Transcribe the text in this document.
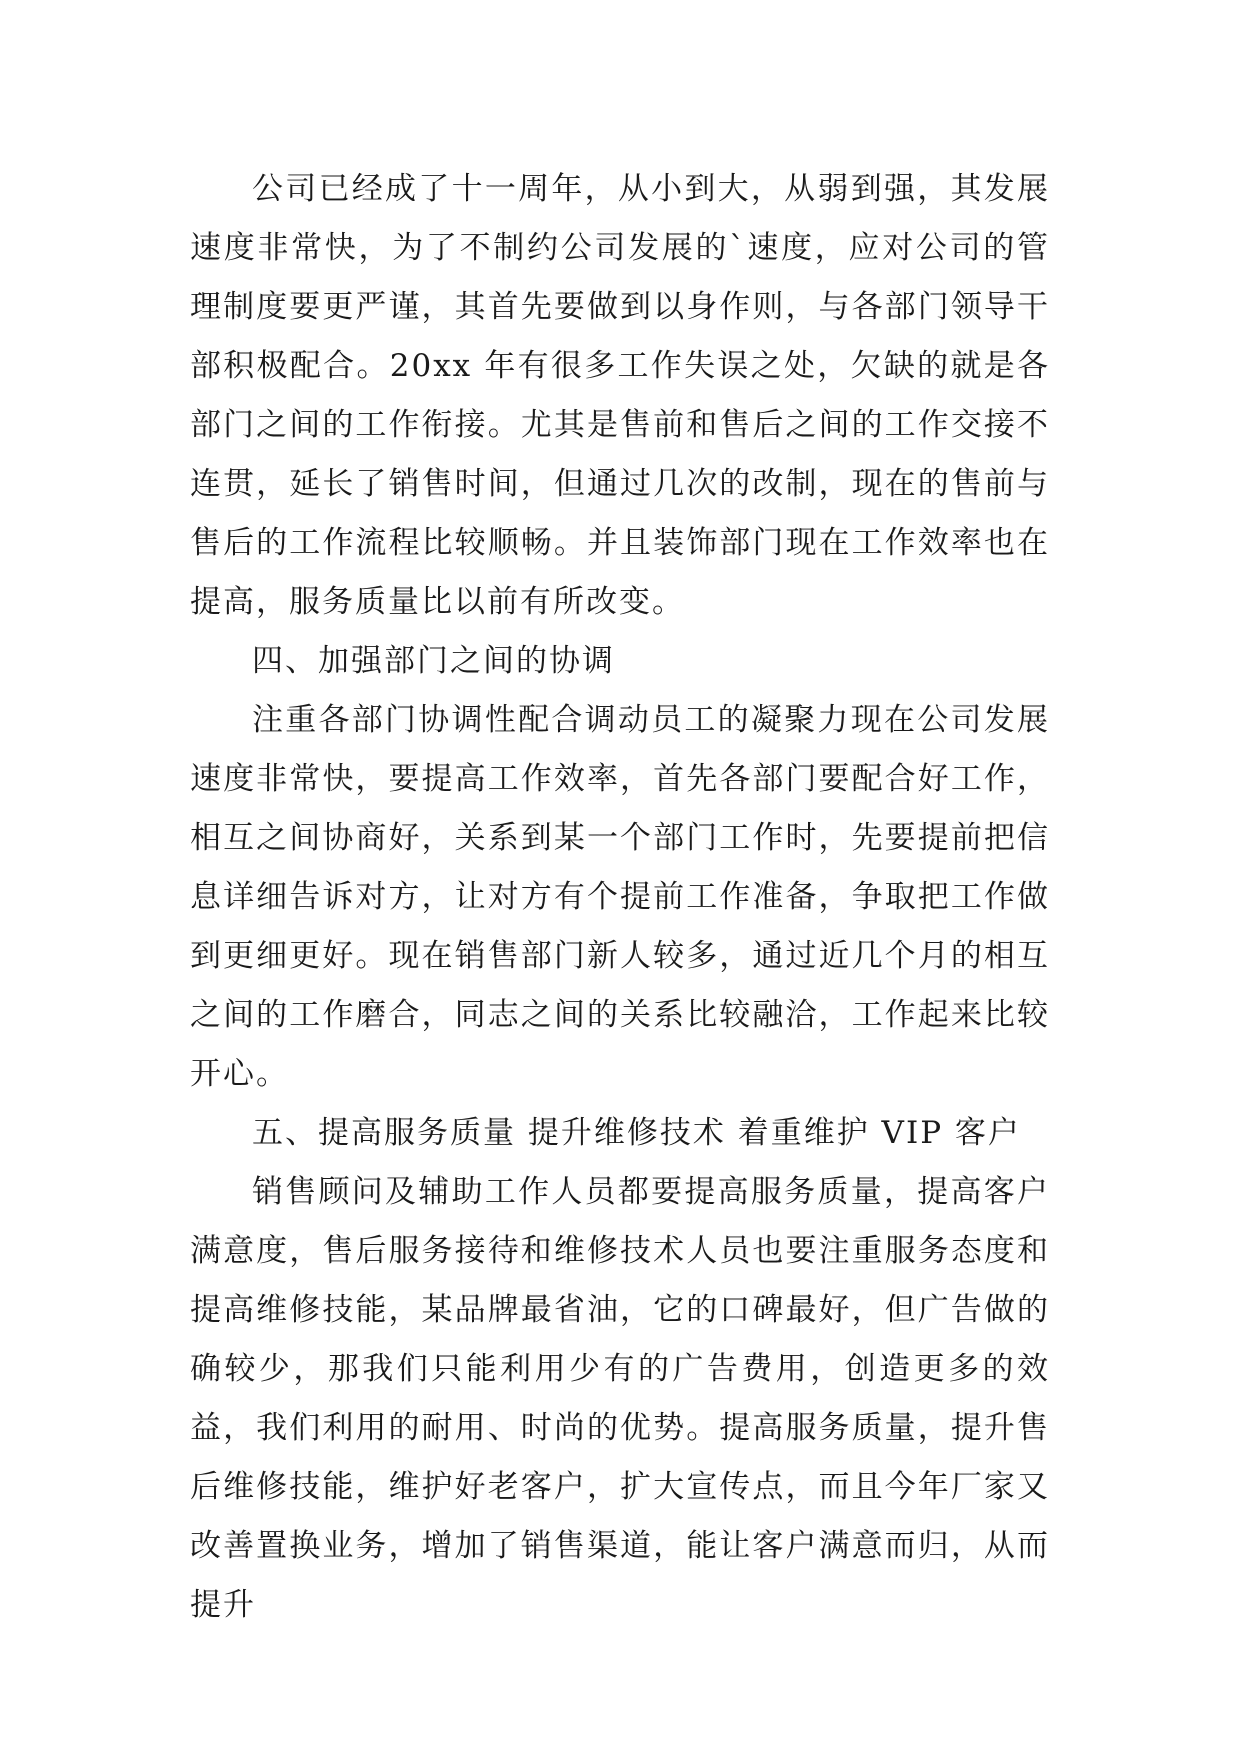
公司已经成了十一周年，从小到大，从弱到强，其发展速度非常快，为了不制约公司发展的`速度，应对公司的管理制度要更严谨，其首先要做到以身作则，与各部门领导干部积极配合。20xx 年有很多工作失误之处，欠缺的就是各部门之间的工作衔接。尤其是售前和售后之间的工作交接不连贯，延长了销售时间，但通过几次的改制，现在的售前与售后的工作流程比较顺畅。并且装饰部门现在工作效率也在提高，服务质量比以前有所改变。

四、加强部门之间的协调

注重各部门协调性配合调动员工的凝聚力现在公司发展速度非常快，要提高工作效率，首先各部门要配合好工作，相互之间协商好，关系到某一个部门工作时，先要提前把信息详细告诉对方，让对方有个提前工作准备，争取把工作做到更细更好。现在销售部门新人较多，通过近几个月的相互之间的工作磨合，同志之间的关系比较融洽，工作起来比较开心。

五、提高服务质量 提升维修技术 着重维护 VIP 客户

销售顾问及辅助工作人员都要提高服务质量，提高客户满意度，售后服务接待和维修技术人员也要注重服务态度和提高维修技能，某品牌最省油，它的口碑最好，但广告做的确较少，那我们只能利用少有的广告费用，创造更多的效益，我们利用的耐用、时尚的优势。提高服务质量，提升售后维修技能，维护好老客户，扩大宣传点，而且今年厂家又改善置换业务，增加了销售渠道，能让客户满意而归，从而提升
